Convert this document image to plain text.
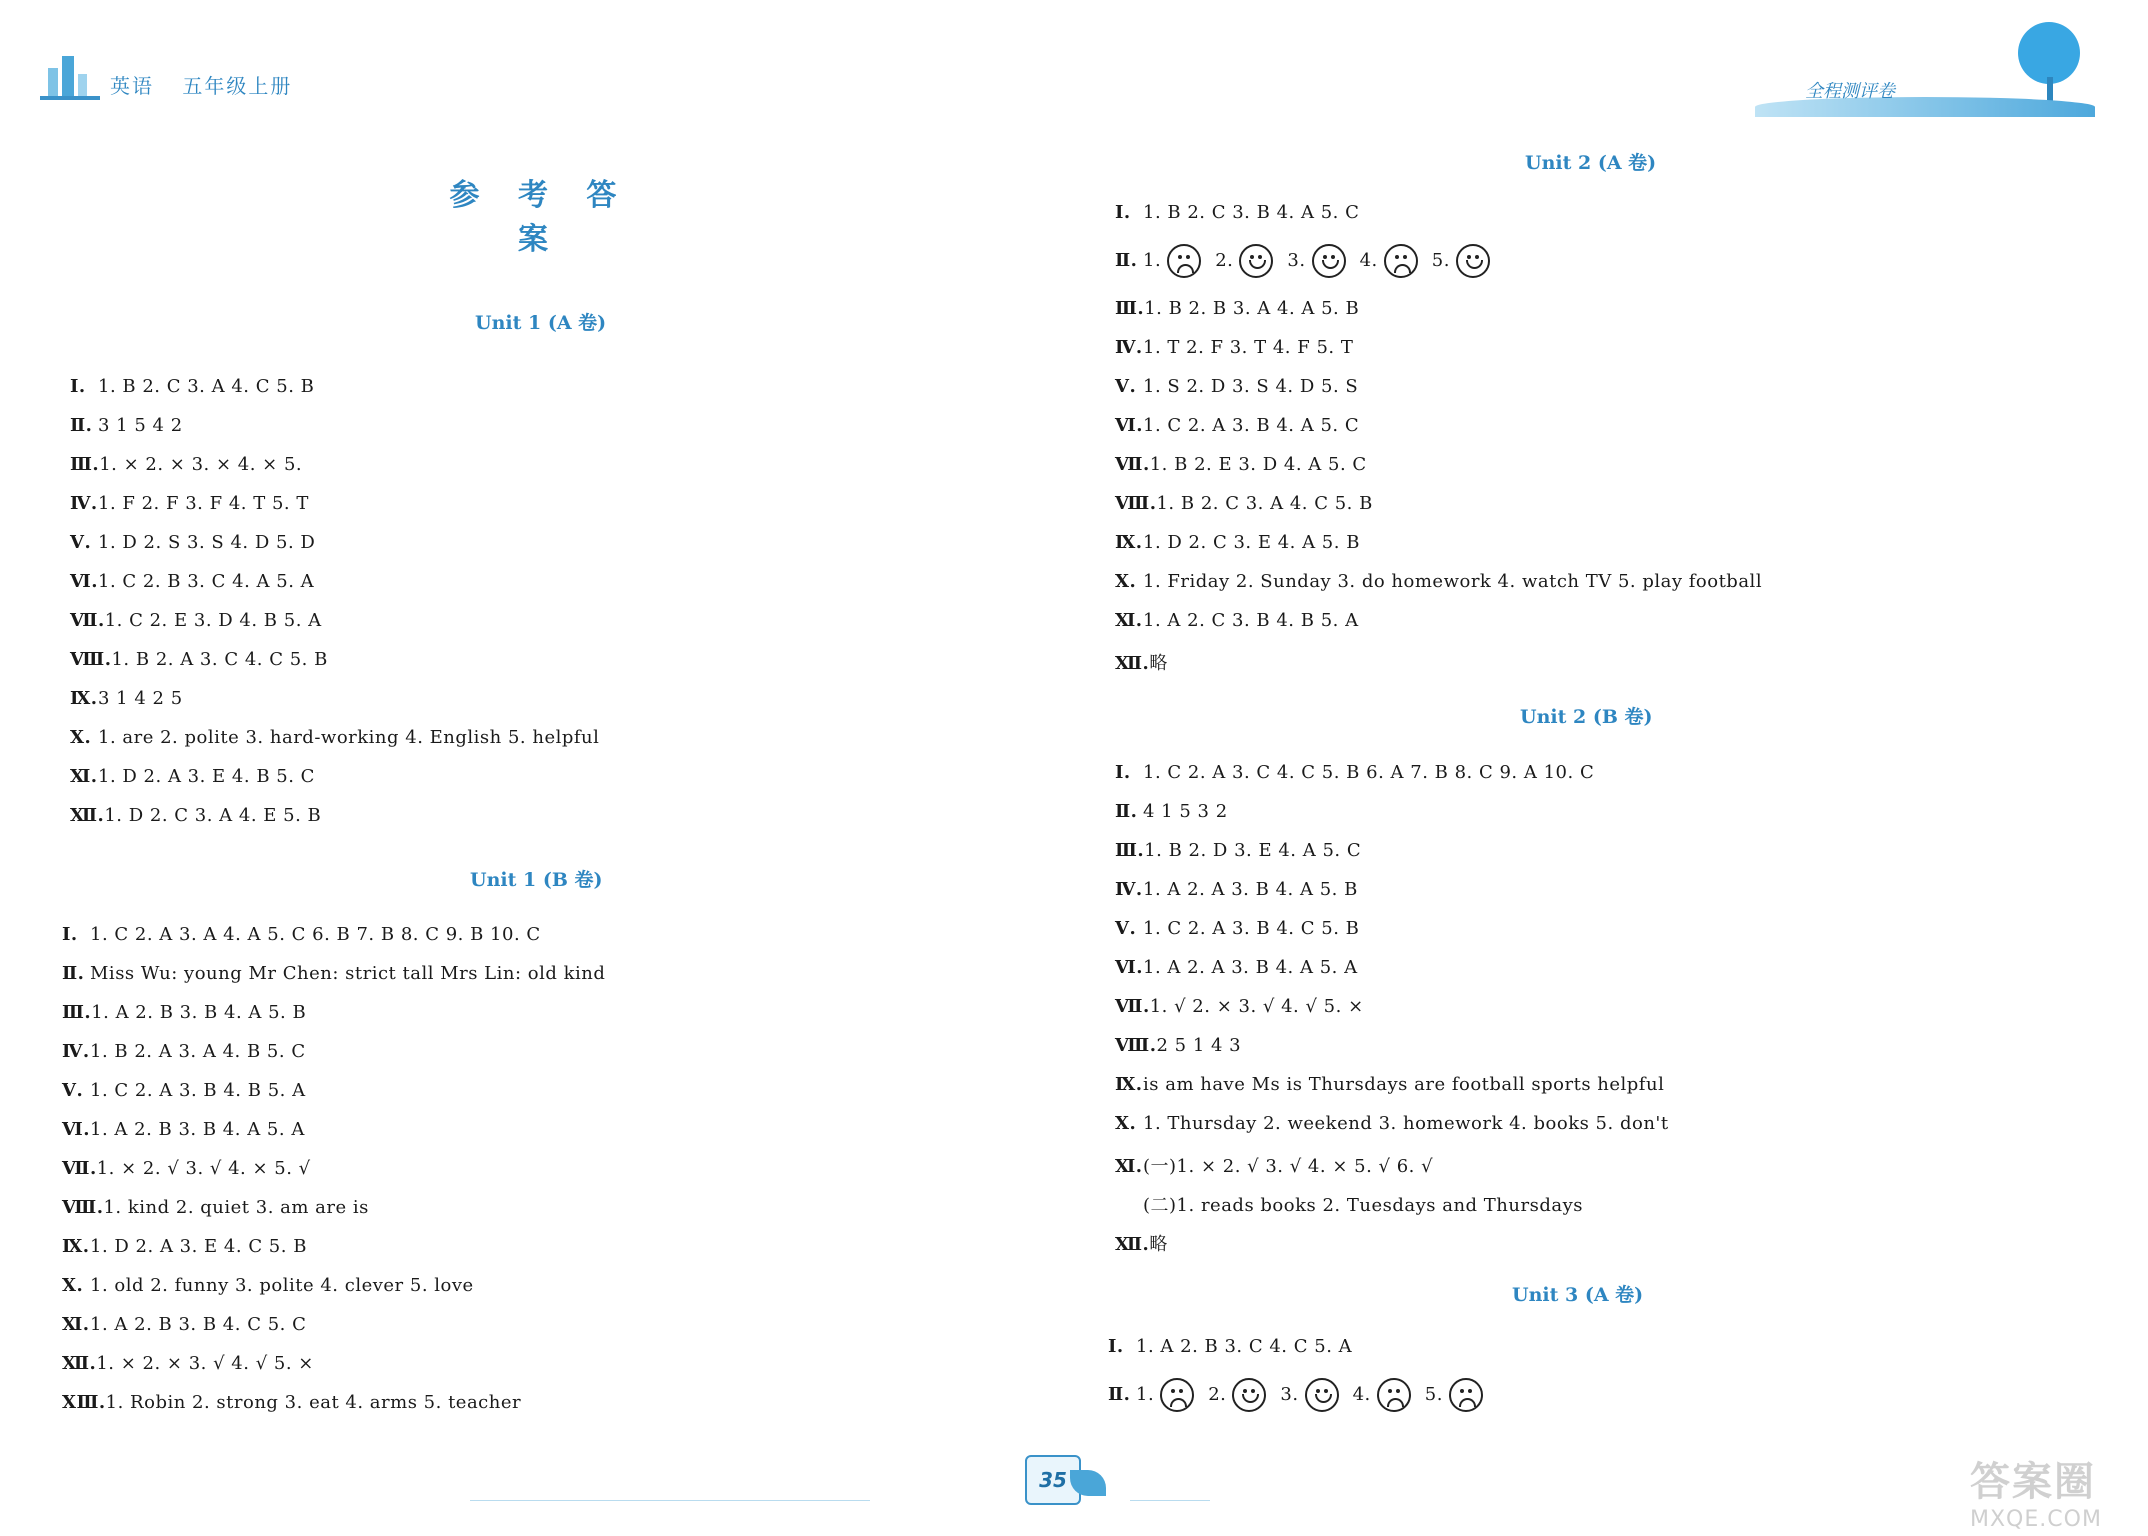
英语 五年级上册	全程测评卷
参 考 答 案
Unit 1 (A 卷)
Ⅰ. 1. B 2. C 3. A 4. C 5. B
Ⅱ. 3 1 5 4 2
Ⅲ.1. × 2. × 3. × 4. × 5.
Ⅳ.1. F 2. F 3. F 4. T 5. T
Ⅴ. 1. D 2. S 3. S 4. D 5. D
Ⅵ.1. C 2. B 3. C 4. A 5. A
Ⅶ.1. C 2. E 3. D 4. B 5. A
Ⅷ.1. B 2. A 3. C 4. C 5. B
Ⅸ.3 1 4 2 5
Ⅹ. 1. are 2. polite 3. hard-working 4. English 5. helpful
Ⅺ.1. D 2. A 3. E 4. B 5. C
Ⅻ.1. D 2. C 3. A 4. E 5. B
Unit 1 (B 卷)
Ⅰ. 1. C 2. A 3. A 4. A 5. C 6. B 7. B 8. C 9. B 10. C
Ⅱ. Miss Wu: young Mr Chen: strict tall Mrs Lin: old kind
Ⅲ.1. A 2. B 3. B 4. A 5. B
Ⅳ.1. B 2. A 3. A 4. B 5. C
Ⅴ. 1. C 2. A 3. B 4. B 5. A
Ⅵ.1. A 2. B 3. B 4. A 5. A
Ⅶ.1. × 2. √ 3. √ 4. × 5. √
Ⅷ.1. kind 2. quiet 3. am are is
Ⅸ.1. D 2. A 3. E 4. C 5. B
Ⅹ. 1. old 2. funny 3. polite 4. clever 5. love
Ⅺ.1. A 2. B 3. B 4. C 5. C
Ⅻ.1. × 2. × 3. √ 4. √ 5. ×
ⅩⅢ.1. Robin 2. strong 3. eat 4. arms 5. teacher
Unit 2 (A 卷)
Ⅰ. 1. B 2. C 3. B 4. A 5. C
Ⅱ. 1.	2.	3.	4.	5.
Ⅲ.1. B 2. B 3. A 4. A 5. B
Ⅳ.1. T 2. F 3. T 4. F 5. T
Ⅴ. 1. S 2. D 3. S 4. D 5. S
Ⅵ.1. C 2. A 3. B 4. A 5. C
Ⅶ.1. B 2. E 3. D 4. A 5. C
Ⅷ.1. B 2. C 3. A 4. C 5. B
Ⅸ.1. D 2. C 3. E 4. A 5. B
Ⅹ. 1. Friday 2. Sunday 3. do homework 4. watch TV 5. play football
Ⅺ.1. A 2. C 3. B 4. B 5. A
Ⅻ.略
Unit 2 (B 卷)
Ⅰ. 1. C 2. A 3. C 4. C 5. B 6. A 7. B 8. C 9. A 10. C
Ⅱ. 4 1 5 3 2
Ⅲ.1. B 2. D 3. E 4. A 5. C
Ⅳ.1. A 2. A 3. B 4. A 5. B
Ⅴ. 1. C 2. A 3. B 4. C 5. B
Ⅵ.1. A 2. A 3. B 4. A 5. A
Ⅶ.1. √ 2. × 3. √ 4. √ 5. ×
Ⅷ.2 5 1 4 3
Ⅸ.is am have Ms is Thursdays are football sports helpful
Ⅹ. 1. Thursday 2. weekend 3. homework 4. books 5. don't
Ⅺ.(一)1. × 2. √ 3. √ 4. × 5. √ 6. √
(二)1. reads books 2. Tuesdays and Thursdays
Ⅻ.略
Unit 3 (A 卷)
Ⅰ. 1. A 2. B 3. C 4. C 5. A
Ⅱ. 1.	2.	3.	4.	5.
35	答案圈
MXQE.COM
